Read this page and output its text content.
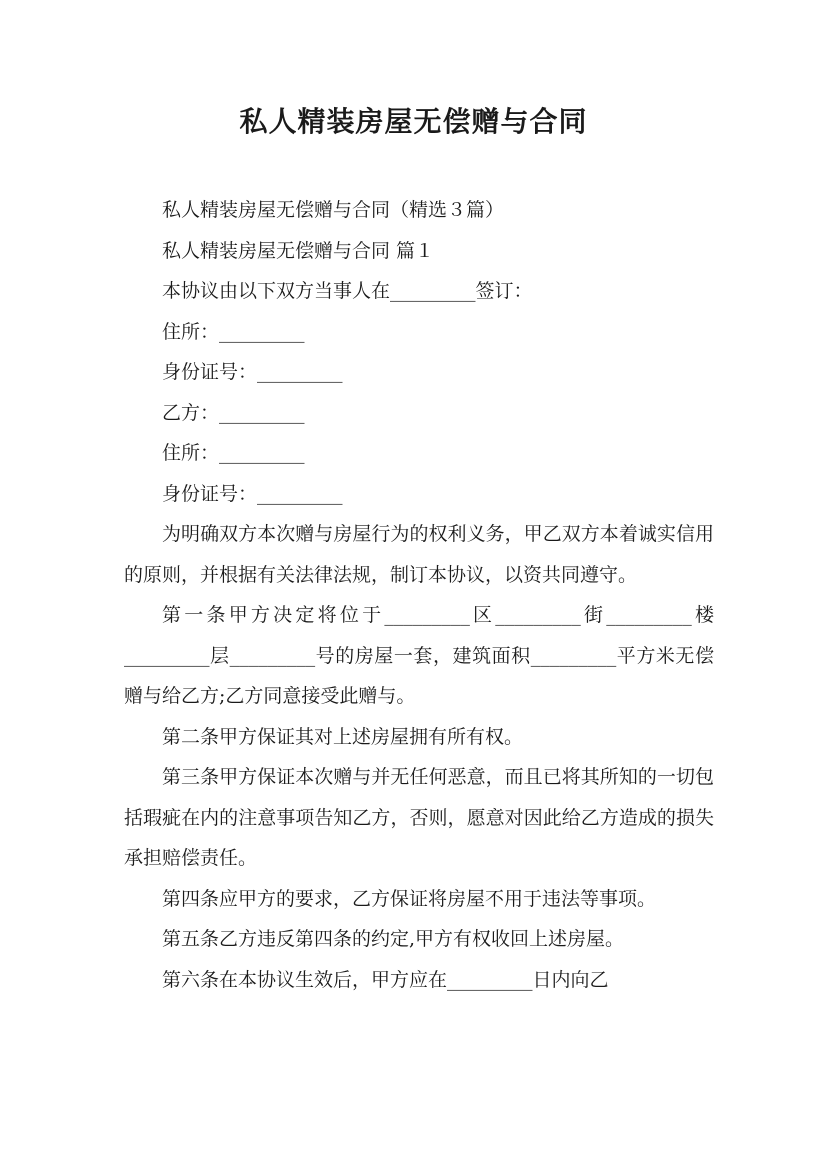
私人精装房屋无偿赠与合同

私人精装房屋无偿赠与合同（精选３篇）

私人精装房屋无偿赠与合同 篇１

本协议由以下双方当事人在_________签订：

住所：_________

身份证号：_________

乙方：_________

住所：_________

身份证号：_________

为明确双方本次赠与房屋行为的权利义务，甲乙双方本着诚实信用的原则，并根据有关法律法规，制订本协议，以资共同遵守。

第一条甲方决定将位于_________区_________街_________楼_________层_________号的房屋一套，建筑面积_________平方米无偿赠与给乙方;乙方同意接受此赠与。

第二条甲方保证其对上述房屋拥有所有权。

第三条甲方保证本次赠与并无任何恶意，而且已将其所知的一切包括瑕疵在内的注意事项告知乙方，否则，愿意对因此给乙方造成的损失承担赔偿责任。

第四条应甲方的要求，乙方保证将房屋不用于违法等事项。

第五条乙方违反第四条的约定,甲方有权收回上述房屋。

第六条在本协议生效后，甲方应在_________日内向乙
